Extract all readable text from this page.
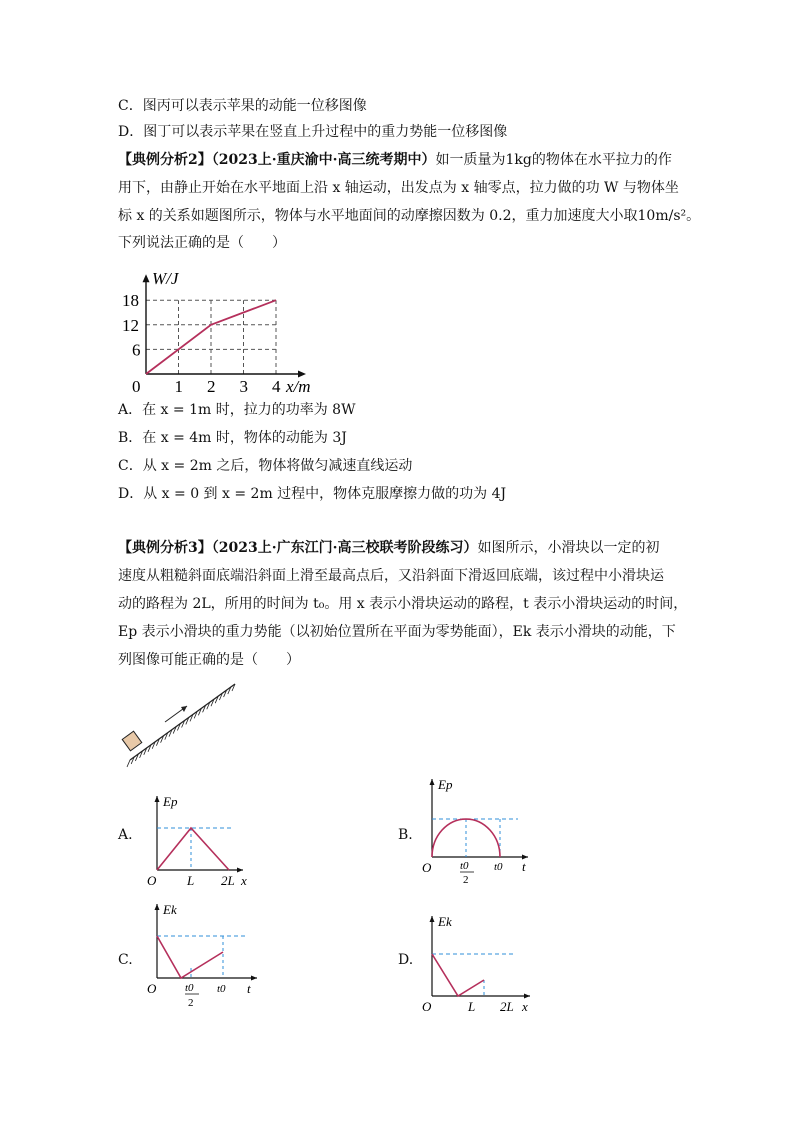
C．图丙可以表示苹果的动能一位移图像
D．图丁可以表示苹果在竖直上升过程中的重力势能一位移图像
【典例分析2】（2023上·重庆渝中·高三统考期中）如一质量为1kg的物体在水平拉力的作
用下，由静止开始在水平地面上沿 x 轴运动，出发点为 x 轴零点，拉力做的功 W 与物体坐
标 x 的关系如题图所示，物体与水平地面间的动摩擦因数为 0.2，重力加速度大小取10m/s²。
下列说法正确的是（　　）
1 2 3 4
6
12
18
0	x/m
W/J
A．在 x = 1m 时，拉力的功率为 8W
B．在 x = 4m 时，物体的动能为 3J
C．从 x = 2m 之后，物体将做匀减速直线运动
D．从 x = 0 到 x = 2m 过程中，物体克服摩擦力做的功为 4J
【典例分析3】（2023上·广东江门·高三校联考阶段练习）如图所示，小滑块以一定的初
速度从粗糙斜面底端沿斜面上滑至最高点后，又沿斜面下滑返回底端，该过程中小滑块运
动的路程为 2L，所用的时间为 t₀。用 x 表示小滑块运动的路程，t 表示小滑块运动的时间，
Ep 表示小滑块的重力势能（以初始位置所在平面为零势能面），Ek 表示小滑块的动能，下
列图像可能正确的是（　　）
A.
Ep
O L 2L x
B.
Ep
O	t0
2
t0 t
C.
Ek
O	t0
2
t0 t
D.
Ek
O	L 2L x
